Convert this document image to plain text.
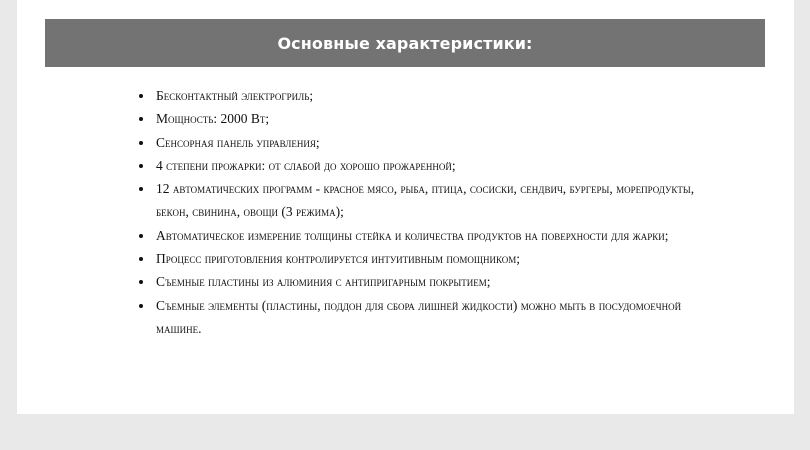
Основные характеристики:
Бесконтактный электрогриль;
Мощность: 2000 Вт;
Сенсорная панель управления;
4 степени прожарки: от слабой до хорошо прожаренной;
12 автоматических программ - красное мясо, рыба, птица, сосиски, сендвич, бургеры, морепродукты, бекон, свинина, овощи (3 режима);
Автоматическое измерение толщины стейка и количества продуктов на поверхности для жарки;
Процесс приготовления контролируется интуитивным помощником;
Съемные пластины из алюминия с антипригарным покрытием;
Съемные элементы (пластины, поддон для сбора лишней жидкости) можно мыть в посудомоечной машине.
